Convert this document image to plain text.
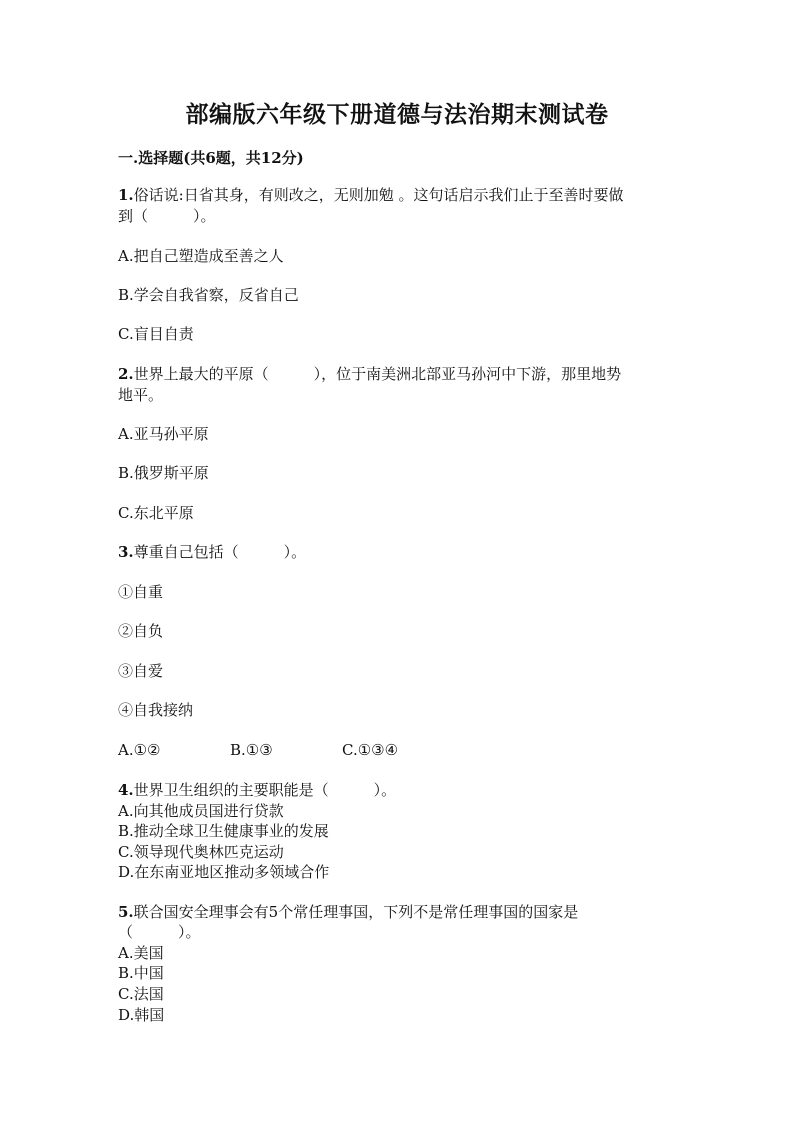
部编版六年级下册道德与法治期末测试卷
一.选择题(共6题，共12分)
1.俗话说:日省其身，有则改之，无则加勉 。这句话启示我们止于至善时要做
到（　　　）。
A.把自己塑造成至善之人
B.学会自我省察，反省自己
C.盲目自责
2.世界上最大的平原（　　　），位于南美洲北部亚马孙河中下游，那里地势
地平。
A.亚马孙平原
B.俄罗斯平原
C.东北平原
3.尊重自己包括（　　　）。
①自重
②自负
③自爱
④自我接纳
A.①②	B.①③	C.①③④
4.世界卫生组织的主要职能是（　　　）。
A.向其他成员国进行贷款
B.推动全球卫生健康事业的发展
C.领导现代奥林匹克运动
D.在东南亚地区推动多领域合作
5.联合国安全理事会有5个常任理事国，下列不是常任理事国的国家是
（　　　）。
A.美国
B.中国
C.法国
D.韩国
